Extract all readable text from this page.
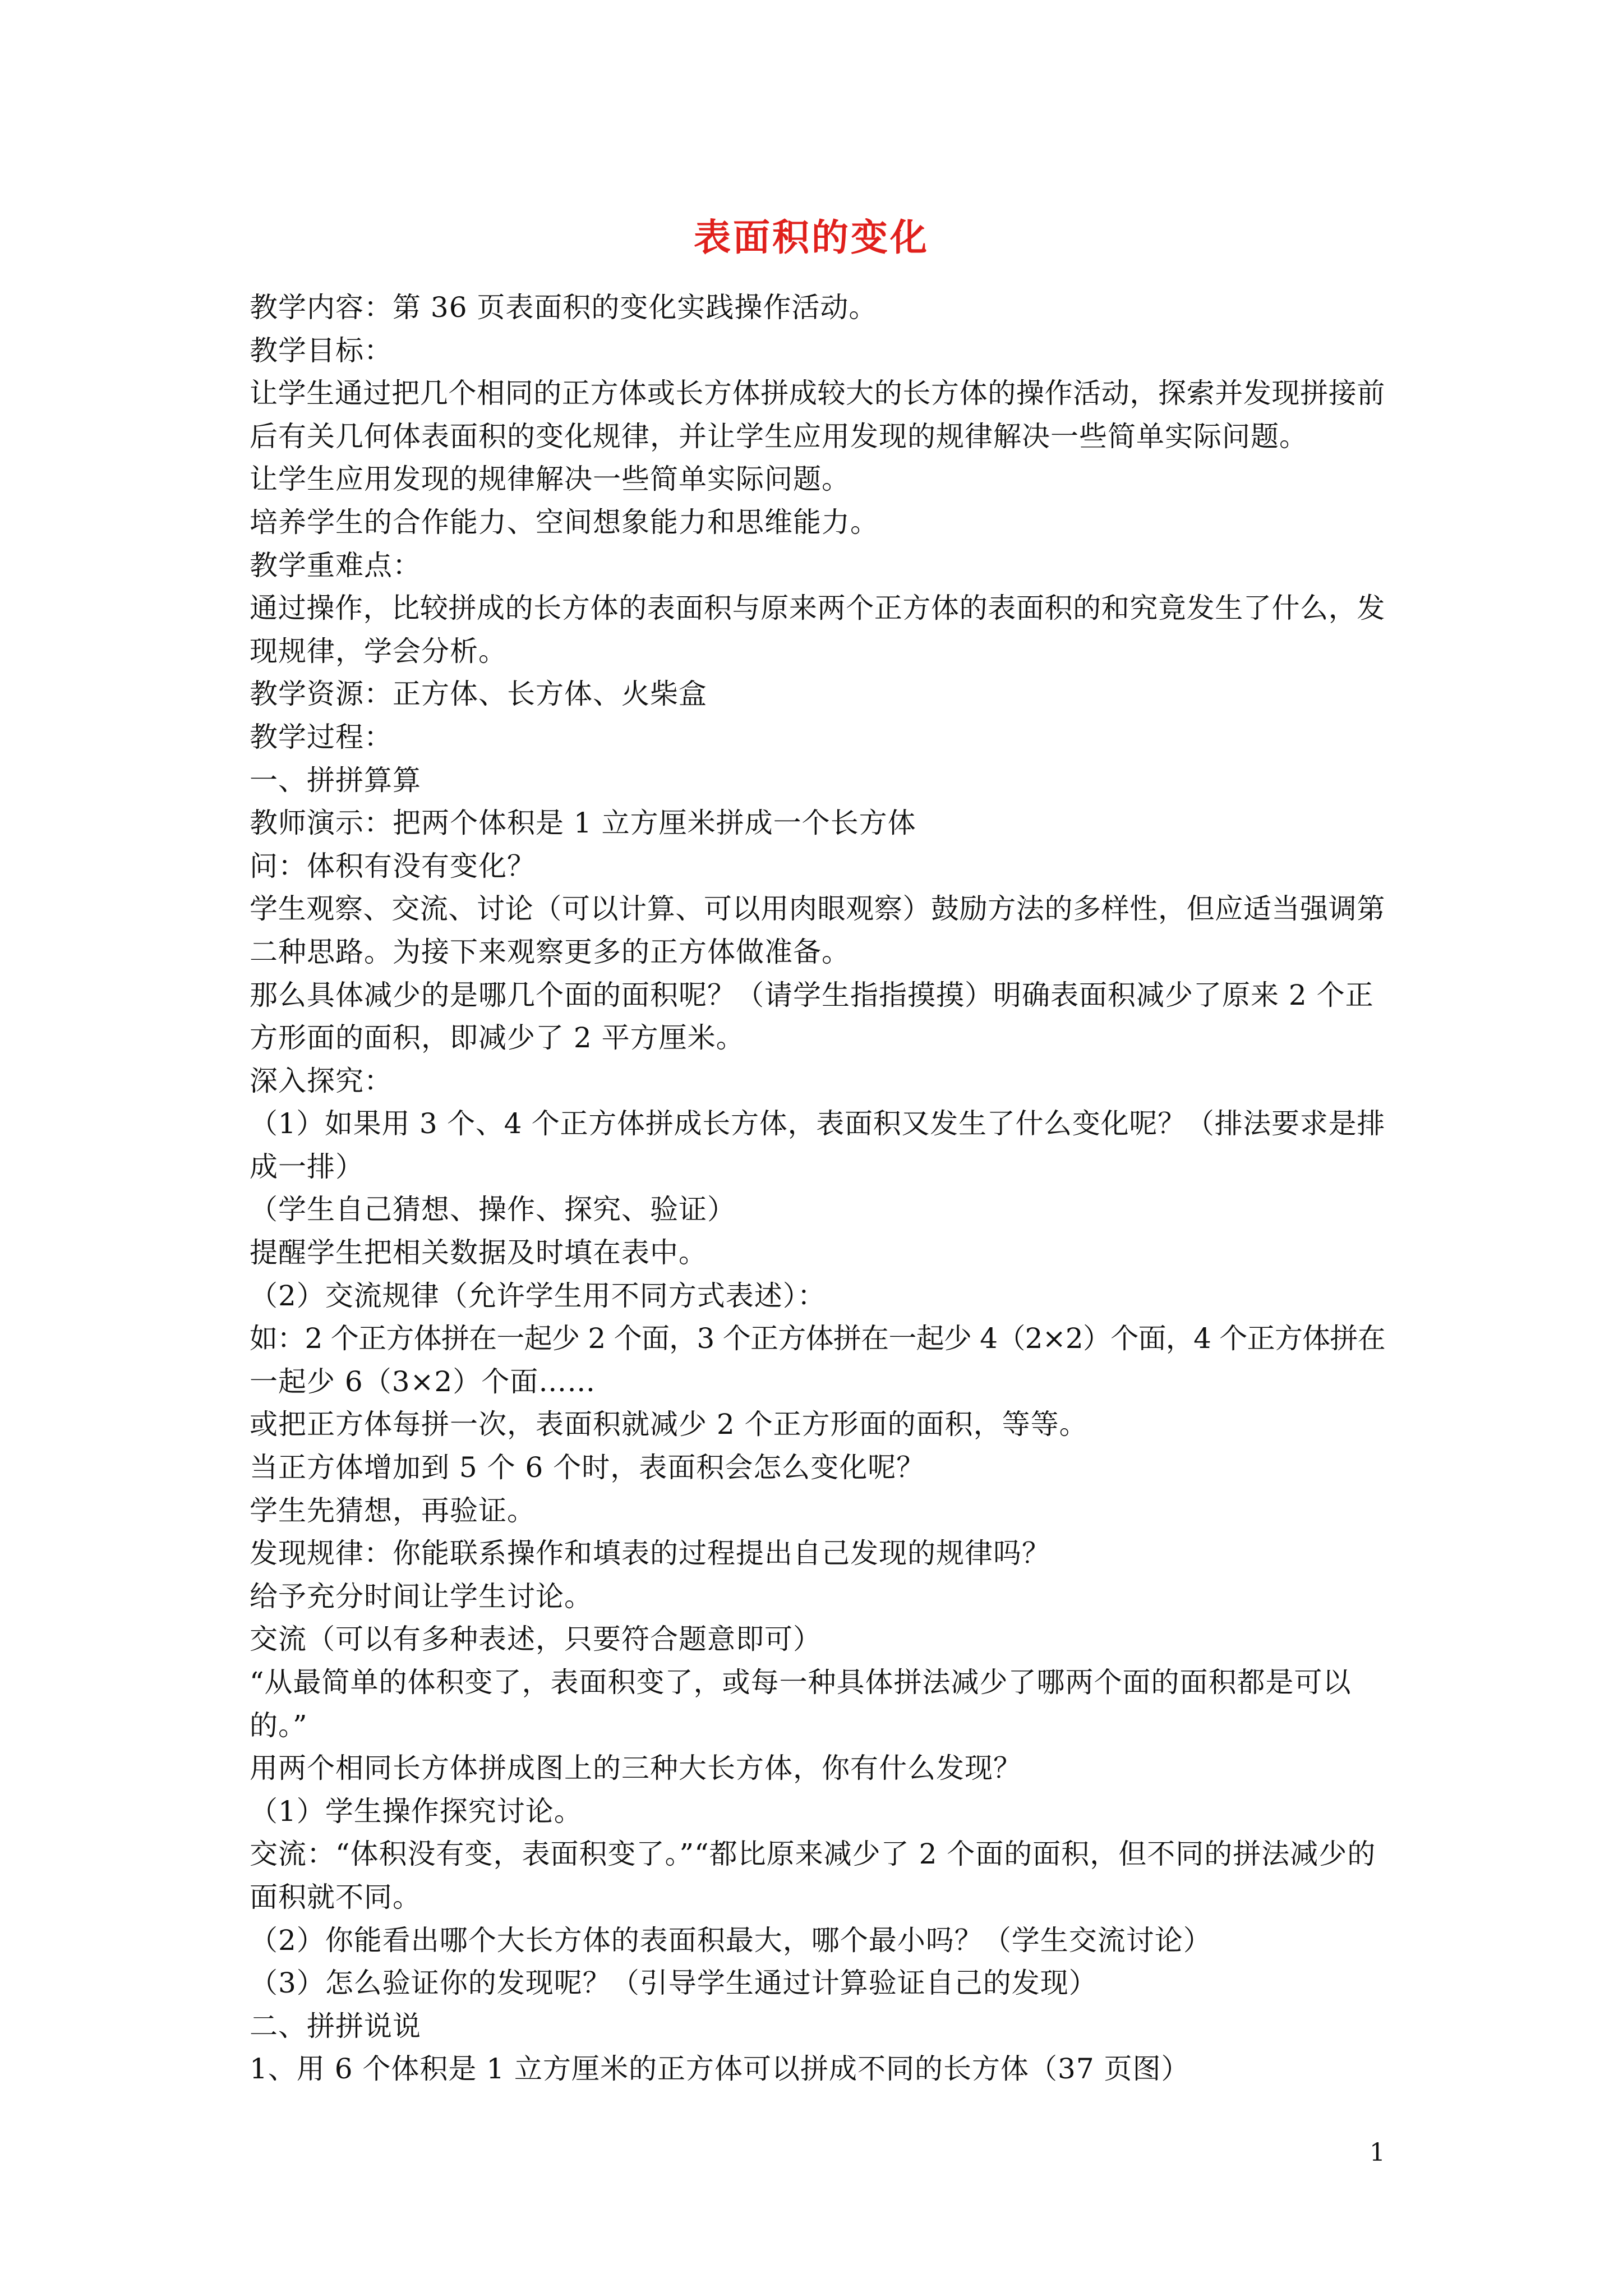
表面积的变化
教学内容：第 36 页表面积的变化实践操作活动。
教学目标：
让学生通过把几个相同的正方体或长方体拼成较大的长方体的操作活动，探索并发现拼接前
后有关几何体表面积的变化规律，并让学生应用发现的规律解决一些简单实际问题。
让学生应用发现的规律解决一些简单实际问题。
培养学生的合作能力、空间想象能力和思维能力。
教学重难点：
通过操作，比较拼成的长方体的表面积与原来两个正方体的表面积的和究竟发生了什么，发
现规律，学会分析。
教学资源：正方体、长方体、火柴盒
教学过程：
一、拼拼算算
教师演示：把两个体积是 1 立方厘米拼成一个长方体
问：体积有没有变化？
学生观察、交流、讨论（可以计算、可以用肉眼观察）鼓励方法的多样性，但应适当强调第
二种思路。为接下来观察更多的正方体做准备。
那么具体减少的是哪几个面的面积呢？（请学生指指摸摸）明确表面积减少了原来 2 个正
方形面的面积，即减少了 2 平方厘米。
深入探究：
（1）如果用 3 个、4 个正方体拼成长方体，表面积又发生了什么变化呢？（排法要求是排
成一排）
（学生自己猜想、操作、探究、验证）
提醒学生把相关数据及时填在表中。
（2）交流规律（允许学生用不同方式表述）：
如：2 个正方体拼在一起少 2 个面，3 个正方体拼在一起少 4（2×2）个面，4 个正方体拼在
一起少 6（3×2）个面……
或把正方体每拼一次，表面积就减少 2 个正方形面的面积，等等。
当正方体增加到 5 个 6 个时，表面积会怎么变化呢？
学生先猜想，再验证。
发现规律：你能联系操作和填表的过程提出自己发现的规律吗？
给予充分时间让学生讨论。
交流（可以有多种表述，只要符合题意即可）
“从最简单的体积变了，表面积变了，或每一种具体拼法减少了哪两个面的面积都是可以
的。”
用两个相同长方体拼成图上的三种大长方体，你有什么发现？
（1）学生操作探究讨论。
交流：“体积没有变，表面积变了。”“都比原来减少了 2 个面的面积，但不同的拼法减少的
面积就不同。
（2）你能看出哪个大长方体的表面积最大，哪个最小吗？（学生交流讨论）
（3）怎么验证你的发现呢？（引导学生通过计算验证自己的发现）
二、拼拼说说
1、用 6 个体积是 1 立方厘米的正方体可以拼成不同的长方体（37 页图）
1
